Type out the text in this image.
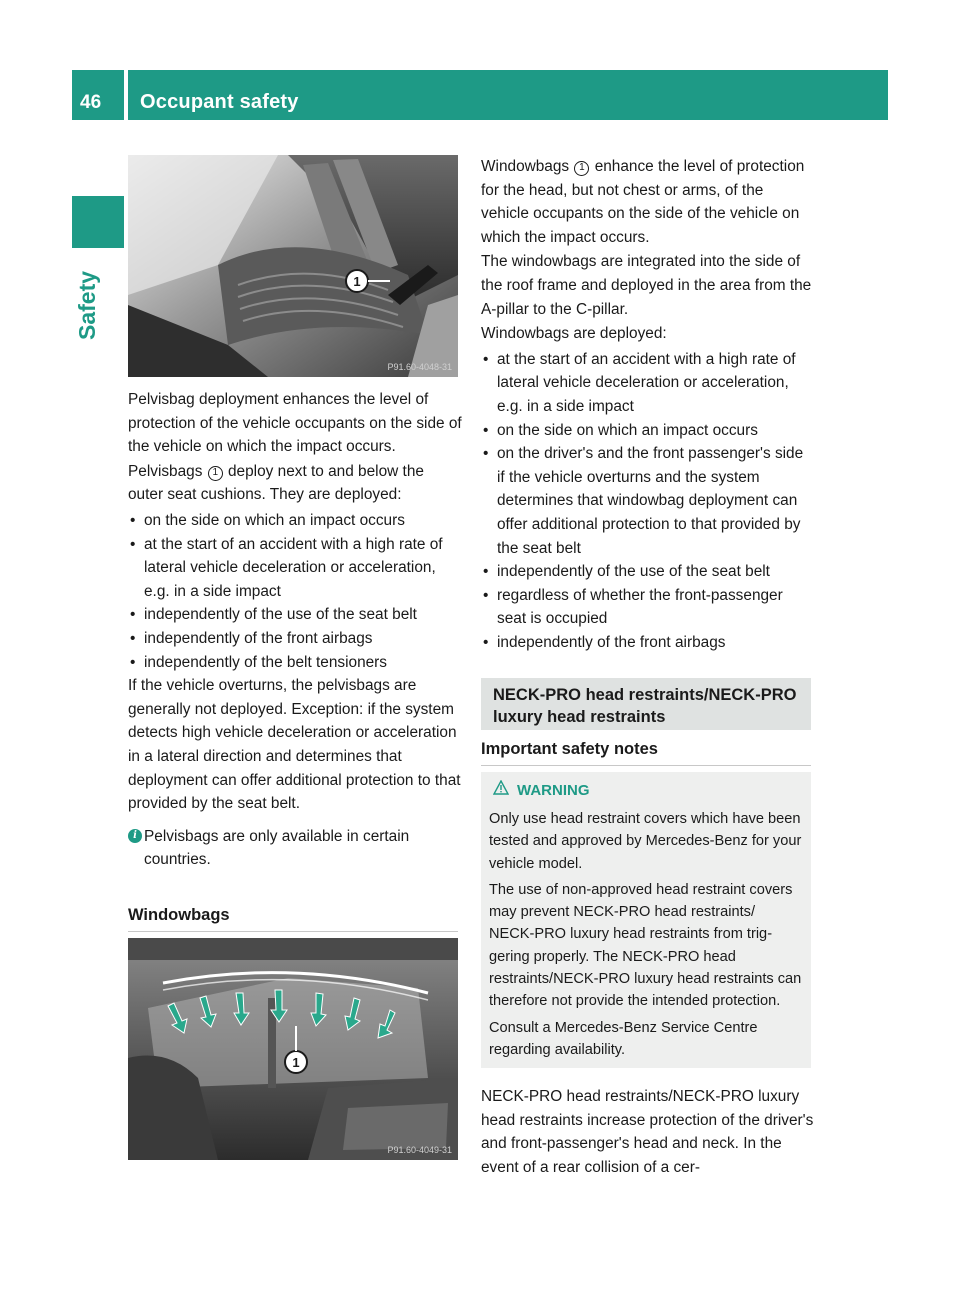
46 Occupant safety
Safety	1
P91.60-4048-31

Pelvisbag deployment enhances the level of protection of the vehicle occupants on the side of the vehicle on which the impact occurs.

Pelvisbags 1 deploy next to and below the outer seat cushions. They are deployed:

• on the side on which an impact occurs
• at the start of an accident with a high rate of lateral vehicle deceleration or acceleration, e.g. in a side impact
• independently of the use of the seat belt
• independently of the front airbags
• independently of the belt tensioners

If the vehicle overturns, the pelvisbags are generally not deployed. Exception: if the system detects high vehicle deceleration or acceleration in a lateral direction and determines that deployment can offer additional protection to that provided by the seat belt.

i Pelvisbags are only available in certain countries.
Windowbags
1
P91.60-4049-31

Windowbags 1 enhance the level of protection for the head, but not chest or arms, of the vehicle occupants on the side of the vehicle on which the impact occurs.

The windowbags are integrated into the side of the roof frame and deployed in the area from the A-pillar to the C-pillar.

Windowbags are deployed:

• at the start of an accident with a high rate of lateral vehicle deceleration or acceleration, e.g. in a side impact
• on the side on which an impact occurs
• on the driver's and the front passenger's side if the vehicle overturns and the system determines that windowbag deployment can offer additional protection to that provided by the seat belt
• independently of the use of the seat belt
• regardless of whether the front-passenger seat is occupied
• independently of the front airbags
NECK-PRO head restraints/NECK-PRO luxury head restraints
Important safety notes
WARNING

Only use head restraint covers which have been tested and approved by Mercedes-Benz for your vehicle model.

The use of non-approved head restraint covers may prevent NECK-PRO head restraints/ NECK-PRO luxury head restraints from triggering properly. The NECK-PRO head restraints/NECK-PRO luxury head restraints can therefore not provide the intended protection.

Consult a Mercedes-Benz Service Centre regarding availability.

NECK-PRO head restraints/NECK-PRO luxury head restraints increase protection of the driver's and front-passenger's head and neck. In the event of a rear collision of a cer-
